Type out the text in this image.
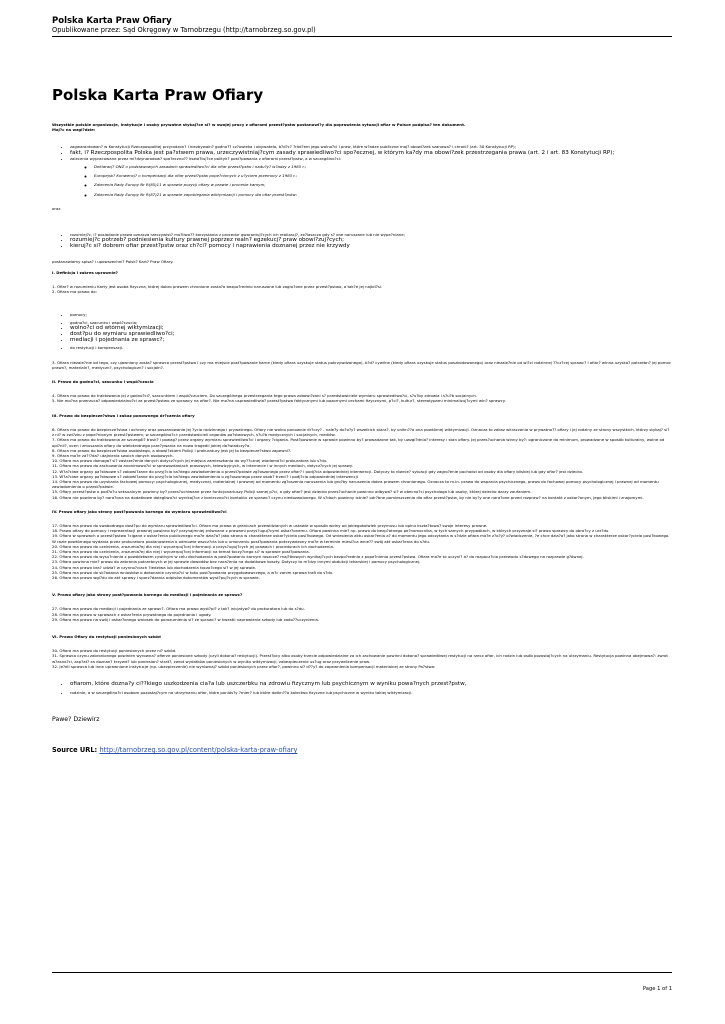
Polska Karta Praw Ofiary
Opublikowane przez: Sąd Okręgowy w Tarnobrzegu (http://tarnobrzeg.so.gov.pl)
Polska Karta Praw Ofiary

Wszystkie polskie organizacje, instytucje i osoby prywatne stykaj?ce si? w swojej pracy z ofiarami przest?pstw postanowi?y dla poprawienia sytuacji ofiar w Polsce podpisa? ten dokument.

Maj?c na wzgl?dzie:

• zagwarantowan? w Konstytucji Rzeczpospolitej przyrodzon? i niezbywaln? godno?? cz?owieka i obywatela, b?d?c? ?ród?em jego wolno?ci i praw, które w?adze publiczne maj? obowi?zek szanowa? i chroni? (art. 30 Konstytucji RP);
• fakt, i? Rzeczpospolita Polska jest pa?stwem prawa, urzeczywistniaj?cym zasady sprawiedliwo?ci spo?ecznej, w którym ka?dy ma obowi?zek przestrzegania prawa (art. 2 i art. 83 Konstytucji RP);
• zalecenia wypracowane przez mi?dzynarodow? spo?eczno?? kszta?tuj?ce polityk? post?powania z ofiarami przest?pstw, a w szczególno?ci:
◦ Deklaracj? ONZ o podstawowych zasadach sprawiedliwo?ci dla ofiar przest?pstw i nadu?y? w?adzy z 1985 r.;
◦ Europejsk? Konwencj? o kompensacji dla ofiar przest?pstw pope?nionych z u?yciem przemocy z 1983 r.;
◦ Zalecenia Rady Europy Nr R(85)11 w sprawie pozycji ofiary w prawie i procesie karnym,
◦ Zalecenia Rady Europy Nr R(87)21 w sprawie zapobiegania wiktymizacji i pomocy dla ofiar przest?pstw;

oraz

• rozumiej?c, i? posiadanie prawa oznacza rzeczywist? mo?liwo?? korzystania z procedur gwarantuj?cych ich realizacj?, ze?laszcza gdy s? one naruszane lub nie wype?niane;
• rozumiej?c potrzeb? podniesienia kultury prawnej poprzez realn? egzekucj? praw obowi?zuj?cych;
• kieruj?c si? dobrem ofiar przest?pstw oraz ch?ci? pomocy i naprawienia doznanej przez nie krzywdy

postanawiamy spisa? i upowszechni? Polsk? Kart? Praw Ofiary.

I. Definicja i zakres uprawnie?

1. Ofiar? w rozumieniu Karty jest osoba fizyczna, której dobro prawem chronione zosta?o bezpo?rednio naruszone lub zagro?one przez przest?pstwo, a tak?e jej najbli?si.

2. Ofiara ma prawo do:

• pomocy;
• godno?ci, szacunku i wspó?czucia;
• wolno?ci od wtórnej wiktymizacji;
• dost?pu do wymiaru sprawiedliwo?ci;
• mediacji i pojednania ze sprawc?;
• do restytucji i kompensacji.

3. Ofiara niezale?nie od tego, czy ujawniony zosta? sprawca przest?pstwa i czy ma miejsce post?powanie karne (kiedy ofiara uzyskuje status pokrzywdzonego), b?d? cywilne (kiedy ofiara uzyskuje status poszkodowanego) oraz niezale?nie od wi?zi rodzinnej ??cz?cej sprawc? i ofiar? winna uzyska? potrzebn? jej pomoc prawn?, materialn?, medyczn?, psychologiczn? i socjaln?.

II. Prawo do godno?ci, szacunku i wspó?czucia

4. Ofiara ma prawo do traktowania jej z godno?ci?, szacunkiem i wspó?czuciem. Do szczególnego przestrzegania tego prawa zobowi?zani s? przedstawiciele wymiaru sprawiedliwo?ci, s?u?by zdrowia i s?u?b socjalnych.

5. Nie mo?na przerzuca? odpowiedzialno?ci za przest?pstwo ze sprawcy na ofiar?. Nie mo?na usprawiedliwia? przest?pstwa faktycznymi lub pozornymi cechami fizycznymi, p?ci?, kultur?, stereotypami minimalizuj?cymi win? sprawcy.

III. Prawo do bezpiecze?stwa i zakaz ponownego dr?czenia ofiary

6. Ofiara ma prawo do bezpiecze?stwa i ochrony oraz poszanowania jej ?ycia rodzinnego i prywatnego. Ofiary nie wolno ponownie dr?czy? - nale?y do?o?y? wszelkich stara?, by unikn??a ona powtórnej wiktymizacji. Oznacza to zakaz wkraczania w prywatno?? ofiary i jej rodziny ze strony wszystkich, którzy stykaj? si? z ni? w zwi?zku z pope?nionym przest?pstwem, w szczególno?ci: przedstawicieli organów pa?stwowych, s?u?b medycznych i socjalnych, mediów.

7. Ofiara ma prawo do traktowania ze szczegól? trosk? i powag? przez organy wymiaru sprawiedliwo?ci i organy ?cigania. Post?powanie w sprawie powinno by? prowadzone tak, by uwzgl?dnia? interesy i stan ofiary. Jej przes?uchania winny by?: ograniczone do minimum, prowadzone w sposób kulturalny, wolne od opi?nii?, ocen i zmuszania ofiary do wielokrotnego prze?ywania na nowo tragedii jakiej do?wiadczy?a.

8. Ofiara ma prawo do bezpiecze?stwa osobistego, a obowi?zkiem Policji i prokuratury jest jej to bezpiecze?stwo zapewni?.

9. Ofiara mo?e za?!?da? utajnienia swoich danych osobowych.

10. Ofiara ma prawo domaga? si? zastrze?enia danych dotycz?cych jej miejsca zamieszkania do wy??cznej wiadomo?ci prokuratora lub s?du.

11. Ofiara ma prawo do zachowania anonimowo?ci w sprawozdaniach prasowych, telewizyjnych, w internecie i w innych mediach, dotycz?cych jej sprawy.

12. W?a?ciwe organy pa?stwowe s? zobowi?zane do przyj?cia ka?dego zawiadomienia o przest?pstwie zg?oszonego przez ofiar? i podj?cia odpowiedniej interwencji. Dotyczy to równie? sytuacji gdy zagro?enie pochodzi od osoby dla ofiary bliskiej lub gdy ofiar? jest dziecko.

13. W?a?ciwe organy pa?stwowe s? zobowi?zane do przyj?cia ka?dego zawiadomienia o zg?oszonego przez osob? trzeci? i podj?cia odpowiedniej interwencji

14. Ofiara ma prawo do uzyskania fachowej pomocy: psychologicznej, medycznej, materialnej i prawnej od momentu zg?oszenia naruszenia lub gro?by naruszenia dobra prawem chronionego. Oznacza to m.in. prawo do wsparcia psychicznego, prawo do fachowej pomocy psychologicznej i prawnej od momentu zawiadomienia o przest?pstwie.

15. Ofiary przest?pstw o pod?o?u seksualnym powinny by? przes?uchiwane przez funkcjonariuszy Policji samej p?ci, a gdy ofiar? jest dziecko przes?uchanie powinno odbywa? si? w obecno?ci psychologa lub osoby, której dziecko darzy zaufaniem.

16. Ofiara nie powinna by? nara?ona na dodatkowe dolegliwo?ci wynikaj?ce z konieczno?ci kontaktu ze sprawc? czynu niedozwolonego. W s?dach powinny istnie? odr?bne pomieszczenia dla ofiar przest?pstw, by nie by?y one nara?one przed rozpraw? na kontakt z oskar?onym, jego bliskimi i znajomymi.

IV. Prawo ofiary jako strony post?powania karnego do wymiaru sprawiedliwo?ci

17. Ofiara ma prawo do swobodnego dost?pu do wymiaru sprawiedliwo?ci. Ofiara ma prawo w granicach przewidzianych w ustawie w sposób wolny od jakiegokolwiek przymusu lub opinu kszta?towa? swoje interesy prawne.

18. Prawo ofiary do pomocy i reprezentacji prawnej powinno by? przynajmniej zrównane z prawami przys?uguj?cymi oskar?onemu. Ofiara powinna mie? np. prawo do bezp?atnego pe?nomocnika, w tych samych przypadkach, w których przyznaje si? prawo sprawcy do obro?cy z urz?du.

19. Ofiara w sprawach o przest?pstwa ?cigane z oskar?enia publicznego mo?e dzia?a? jako strona w charakterze oskar?yciela posi?kowego. Od wniesienia aktu oskar?enia a? do momentu jego odczytania w s?dzie ofiara mo?e z?o?y? o?wiadczenie, ?e chce dzia?a? jako strona w charakterze oskar?yciela posi?kowego. W razie powtórnego wydania przez prokuratora postanowienia o odmowie wszcz?cia lub o umorzeniu post?powania pokrzywdzony mo?e w terminie miesi?ca wnie?? swój akt oskar?enia do s?du.

20. Ofiara ma prawo do czelnienia, zrozumia?ej dla niej i wyczerpuj?cej informacji o przys?uguj?cych jej prawach i procedurach ich dochodzenia.

21. Ofiara ma prawo do czelnienia, zrozumia?ej dla niej i wyczerpuj?cej informacji na temat toczy?cego si? w sprawie post?powania.

22. Ofiara ma prawo do wysu?nienia z powództwem cywilnym w celu dochodzenia w post?powaniu karnym roszcze? maj?tkowych wynikaj?cych bezpo?rednio z pope?nienia przest?pstwa. Ofiara mo?e to uczyni? a? do rozpocz?cia przewodu s?dowego na rozprawie g?ównej.

23. Ofiara powinna mie? prawo do zebrania potrzebnych w jej sprawie dowodów bez nara?enia na dodatkowe koszty. Dotyczy to m?dzy innymi obdukcji lekarskiej i pomocy psychologicznej.

24. Ofiara ma prawo bra? udzia? w czynno?ciach ?ledztwa lub dochodzenia toczo?cego si? w jej sprawie.

25. Ofiara ma prawo do sk?adania wniosków o dokonanie czynno?ci w toku post?powania przygotowawczego, a w?c zanim sprawa trafi do s?du.

26. Ofiara ma prawo wgl?du do akt sprawy i sporz?dzania odpisów dokumentów wyst?puj?cych w sprawie.

V. Prawo ofiary jako strony post?powania karnego do mediacji i pojednania ze sprawc?

27. Ofiara ma prawo do mediacji i pojednania ze sprawc?. Ofiara ma prawo wyst?pi? z tak? inicjatyw? do prokuratora lub do s?du.

28. Ofiara ma prawo w sprawach z oskar?enia prywatnego do pojednania i ugody.

29. Ofiara ma prawo na swój i oskar?onego wniosek do porozumienia si? ze sprawc? w kwestii naprawienia szkody lub zado??uczynienia.

VI. Prawo Ofiary do restytucji poniesionych szkód

30. Ofiara ma prawo do restytucji poniesionych przez ni? szkód.

31. Sprawca czynu zabronionego powinien wyrowna? ofierze poniesione szkody (czyli dokona? restytucji). Przest?pcy albo osoby trzecie odpowiedzialne za ich zachowanie powinni dokona? sprawiedliwej restytucji na rzecz ofiar, ich rodzin lub osób pozostaj?cych na utrzymaniu. Restytucja powinna obejmowa?: zwrot w?asno?ci, zap?at? za doznan? krzywd? lub poniesion? strat?, zwrot wydatków poniesionych w wyniku wiktymizacji, zabezpieczenie us?ug oraz przywrócenie praw.

32. Je?eli sprawca lub inne uprawnione instytucje (np. ubezpieczenie) nie wyrównaj? szkód poniesionych przez ofiar?, powinno si? d??y? do zapewnienia kompensacji materialnej ze strony Pa?stwa:

• ofiarom, które dozna?y ci??kiego uszkodzenia cia?a lub uszczerbku na zdrowiu fizycznym lub psychicznym w wyniku powa?nych przest?pstw,
• rodzinie, a w szczególno?ci osobom pozostaj?cym na utrzymaniu ofiar, które poniós?y ?mier? lub które dotkn??o kalectwo fizyczne lub psychiczne w wyniku takiej wiktymizacji.

Pawe? Dziewirz

Source URL: http://tarnobrzeg.so.gov.pl/content/polska-karta-praw-ofiary

Page 1 of 1
